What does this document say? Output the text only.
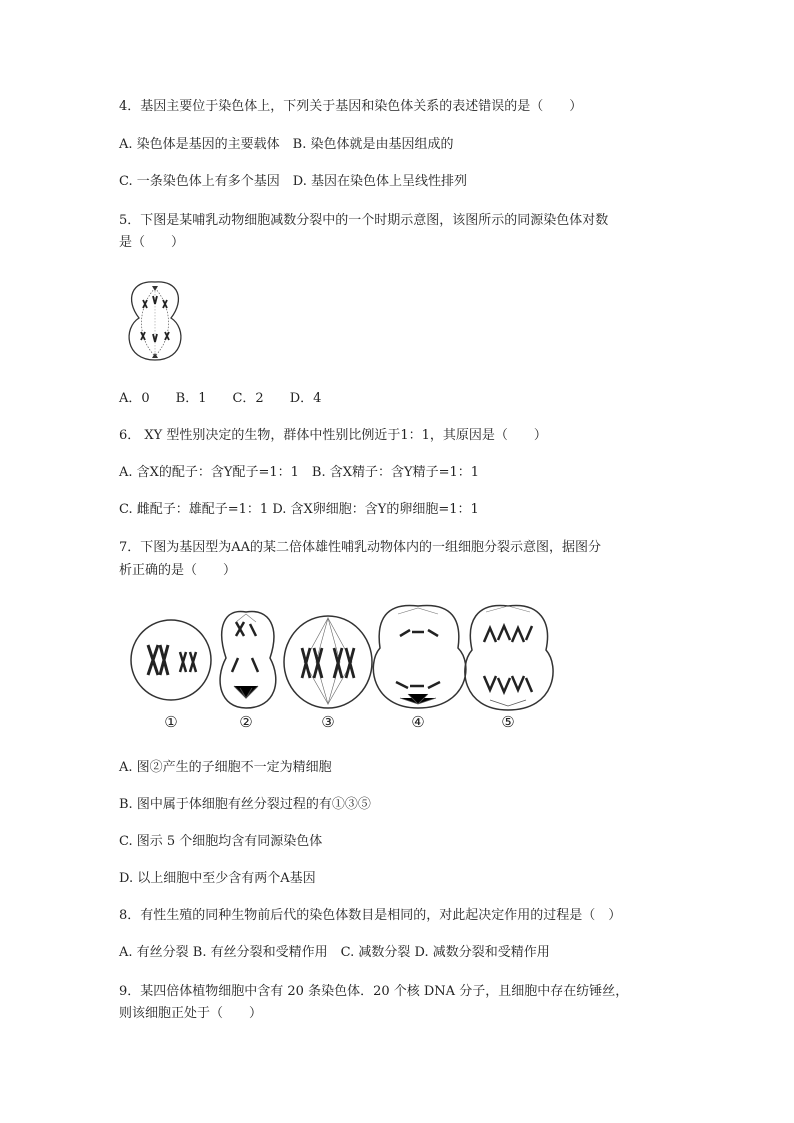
4．基因主要位于染色体上，下列关于基因和染色体关系的表述错误的是（　　）
A. 染色体是基因的主要载体　B. 染色体就是由基因组成的
C. 一条染色体上有多个基因　D. 基因在染色体上呈线性排列
5．下图是某哺乳动物细胞减数分裂中的一个时期示意图，该图所示的同源染色体对数
是（　　）
A．0　　B．1　　C．2　　D．4
6． XY 型性别决定的生物，群体中性别比例近于1：1，其原因是（　　）
A. 含X的配子：含Y配子=1：1　B. 含X精子：含Y精子=1：1
C. 雌配子：雄配子=1：1 D. 含X卵细胞：含Y的卵细胞=1：1
7．下图为基因型为AA的某二倍体雄性哺乳动物体内的一组细胞分裂示意图，据图分
析正确的是（　　）
①	②	③	④	⑤
A. 图②产生的子细胞不一定为精细胞
B. 图中属于体细胞有丝分裂过程的有①③⑤
C. 图示 5 个细胞均含有同源染色体
D. 以上细胞中至少含有两个A基因
8．有性生殖的同种生物前后代的染色体数目是相同的，对此起决定作用的过程是（　）
A. 有丝分裂 B. 有丝分裂和受精作用　C. 减数分裂 D. 减数分裂和受精作用
9．某四倍体植物细胞中含有 20 条染色体．20 个核 DNA 分子，且细胞中存在纺锤丝，
则该细胞正处于（　　）
